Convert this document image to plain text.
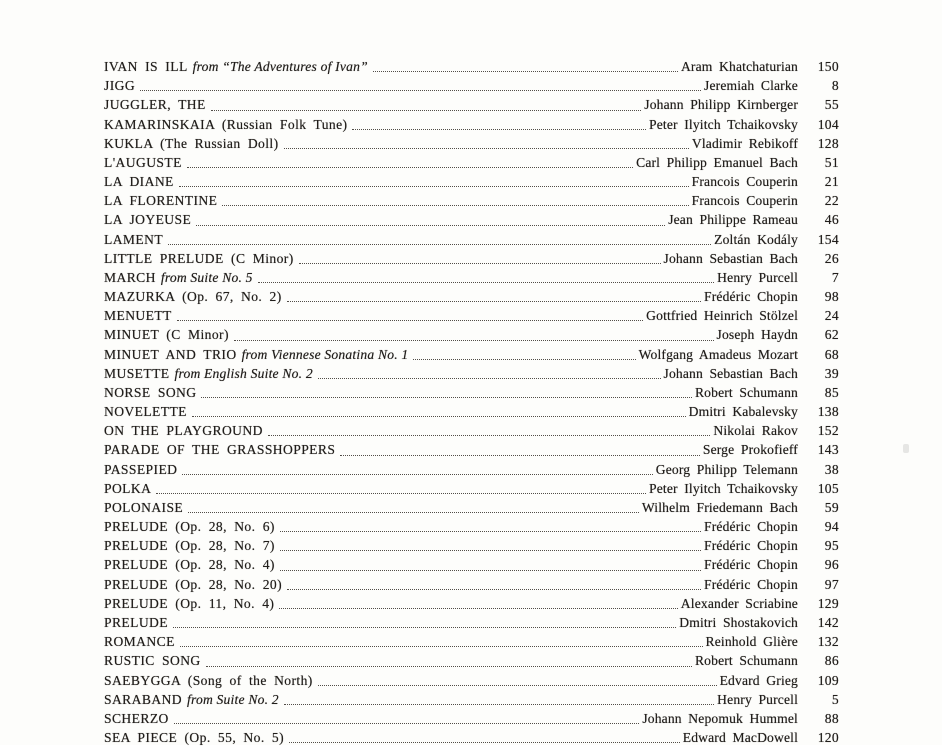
IVAN IS ILL from “The Adventures of Ivan”	Aram Khatchaturian	150
JIGG	Jeremiah Clarke	8
JUGGLER, THE	Johann Philipp Kirnberger	55
KAMARINSKAIA (Russian Folk Tune)	Peter Ilyitch Tchaikovsky	104
KUKLA (The Russian Doll)	Vladimir Rebikoff	128
L'AUGUSTE	Carl Philipp Emanuel Bach	51
LA DIANE	Francois Couperin	21
LA FLORENTINE	Francois Couperin	22
LA JOYEUSE	Jean Philippe Rameau	46
LAMENT	Zoltán Kodály	154
LITTLE PRELUDE (C Minor)	Johann Sebastian Bach	26
MARCH from Suite No. 5	Henry Purcell	7
MAZURKA (Op. 67, No. 2)	Frédéric Chopin	98
MENUETT	Gottfried Heinrich Stölzel	24
MINUET (C Minor)	Joseph Haydn	62
MINUET AND TRIO from Viennese Sonatina No. 1	Wolfgang Amadeus Mozart	68
MUSETTE from English Suite No. 2	Johann Sebastian Bach	39
NORSE SONG	Robert Schumann	85
NOVELETTE	Dmitri Kabalevsky	138
ON THE PLAYGROUND	Nikolai Rakov	152
PARADE OF THE GRASSHOPPERS	Serge Prokofieff	143
PASSEPIED	Georg Philipp Telemann	38
POLKA	Peter Ilyitch Tchaikovsky	105
POLONAISE	Wilhelm Friedemann Bach	59
PRELUDE (Op. 28, No. 6)	Frédéric Chopin	94
PRELUDE (Op. 28, No. 7)	Frédéric Chopin	95
PRELUDE (Op. 28, No. 4)	Frédéric Chopin	96
PRELUDE (Op. 28, No. 20)	Frédéric Chopin	97
PRELUDE (Op. 11, No. 4)	Alexander Scriabine	129
PRELUDE	Dmitri Shostakovich	142
ROMANCE	Reinhold Glière	132
RUSTIC SONG	Robert Schumann	86
SAEBYGGA (Song of the North)	Edvard Grieg	109
SARABAND from Suite No. 2	Henry Purcell	5
SCHERZO	Johann Nepomuk Hummel	88
SEA PIECE (Op. 55, No. 5)	Edward MacDowell	120
